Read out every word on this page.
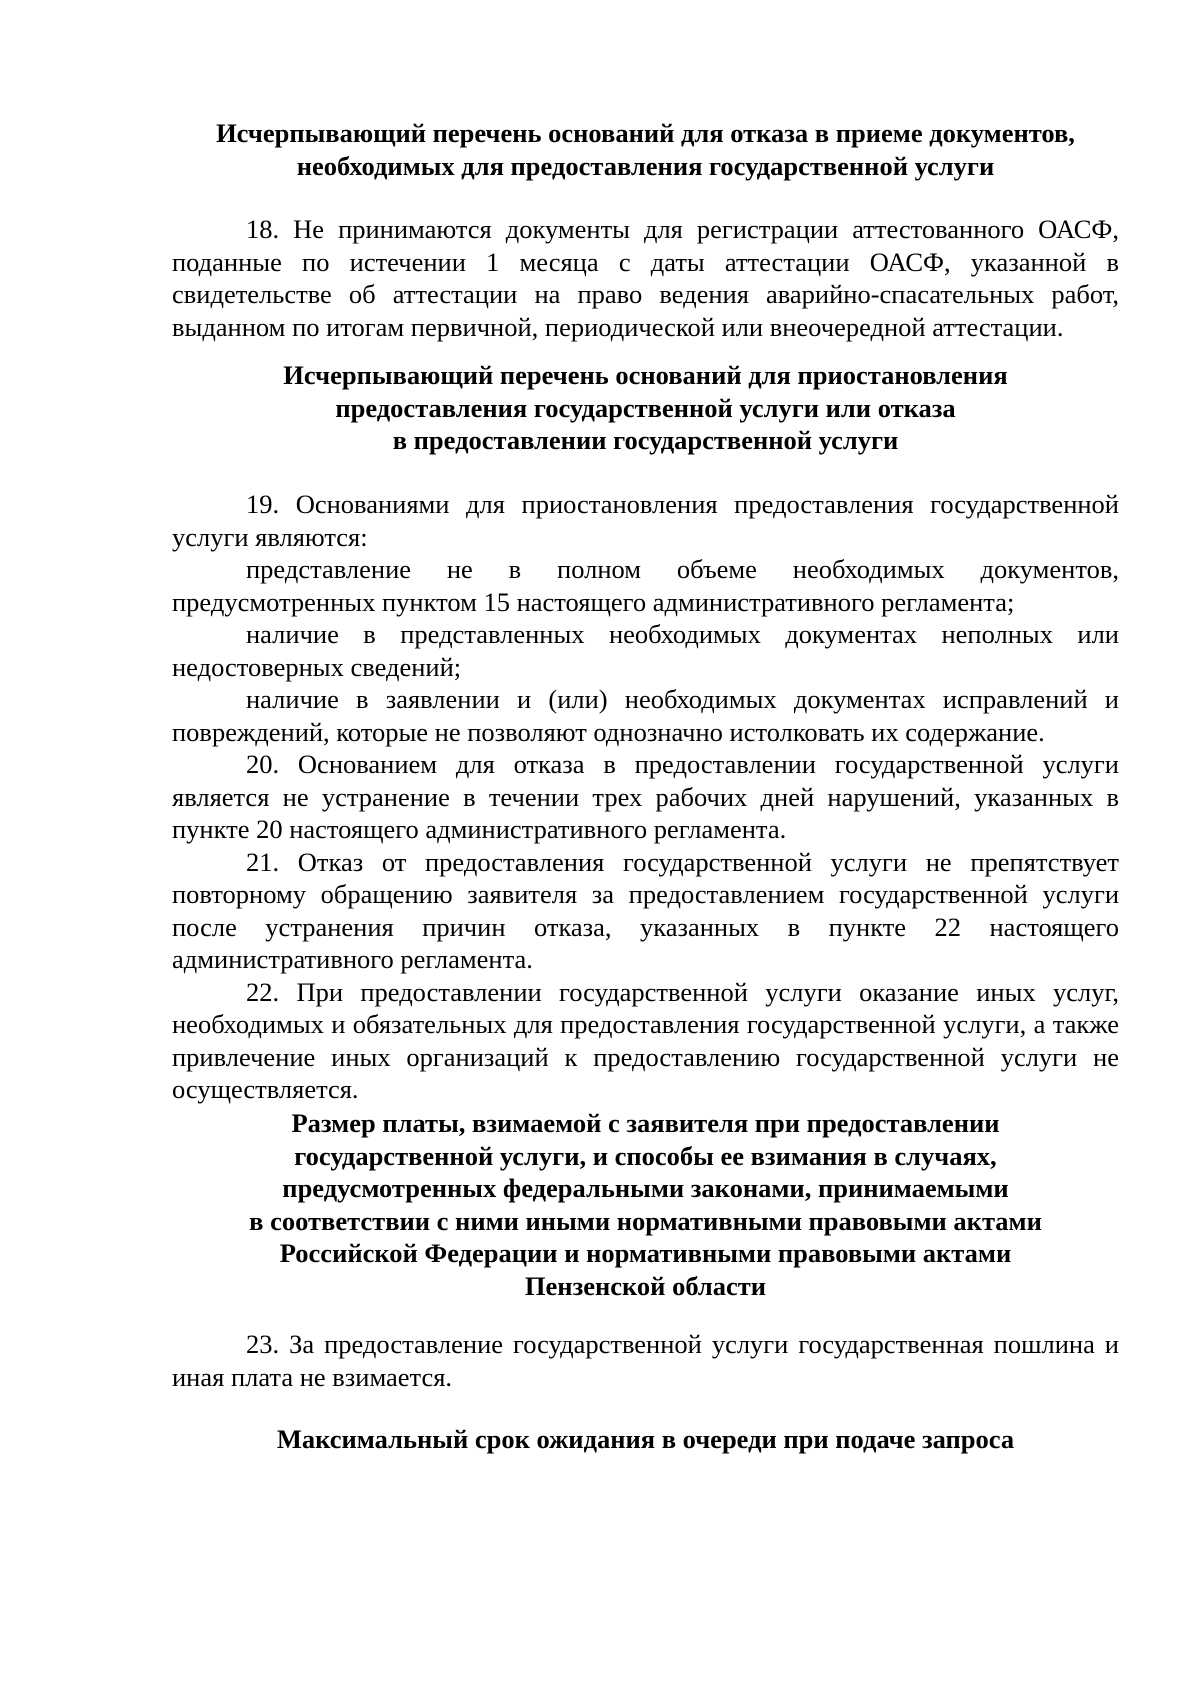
Исчерпывающий перечень оснований для отказа в приеме документов,
необходимых для предоставления государственной услуги

18. Не принимаются документы для регистрации аттестованного ОАСФ, поданные по истечении 1 месяца с даты аттестации ОАСФ, указанной в свидетельстве об аттестации на право ведения аварийно-спасательных работ, выданном по итогам первичной, периодической или внеочередной аттестации.

Исчерпывающий перечень оснований для приостановления
предоставления государственной услуги или отказа
в предоставлении государственной услуги

19. Основаниями для приостановления предоставления государственной услуги являются:

представление не в полном объеме необходимых документов, предусмотренных пунктом 15 настоящего административного регламента;

наличие в представленных необходимых документах неполных или недостоверных сведений;

наличие в заявлении и (или) необходимых документах исправлений и повреждений, которые не позволяют однозначно истолковать их содержание.

20. Основанием для отказа в предоставлении государственной услуги является не устранение в течении трех рабочих дней нарушений, указанных в пункте 20 настоящего административного регламента.

21. Отказ от предоставления государственной услуги не препятствует повторному обращению заявителя за предоставлением государственной услуги после устранения причин отказа, указанных в пункте 22 настоящего административного регламента.

22. При предоставлении государственной услуги оказание иных услуг, необходимых и обязательных для предоставления государственной услуги, а также привлечение иных организаций к предоставлению государственной услуги не осуществляется.

Размер платы, взимаемой с заявителя при предоставлении
государственной услуги, и способы ее взимания в случаях,
предусмотренных федеральными законами, принимаемыми
в соответствии с ними иными нормативными правовыми актами
Российской Федерации и нормативными правовыми актами
Пензенской области

23. За предоставление государственной услуги государственная пошлина и иная плата не взимается.

Максимальный срок ожидания в очереди при подаче запроса
